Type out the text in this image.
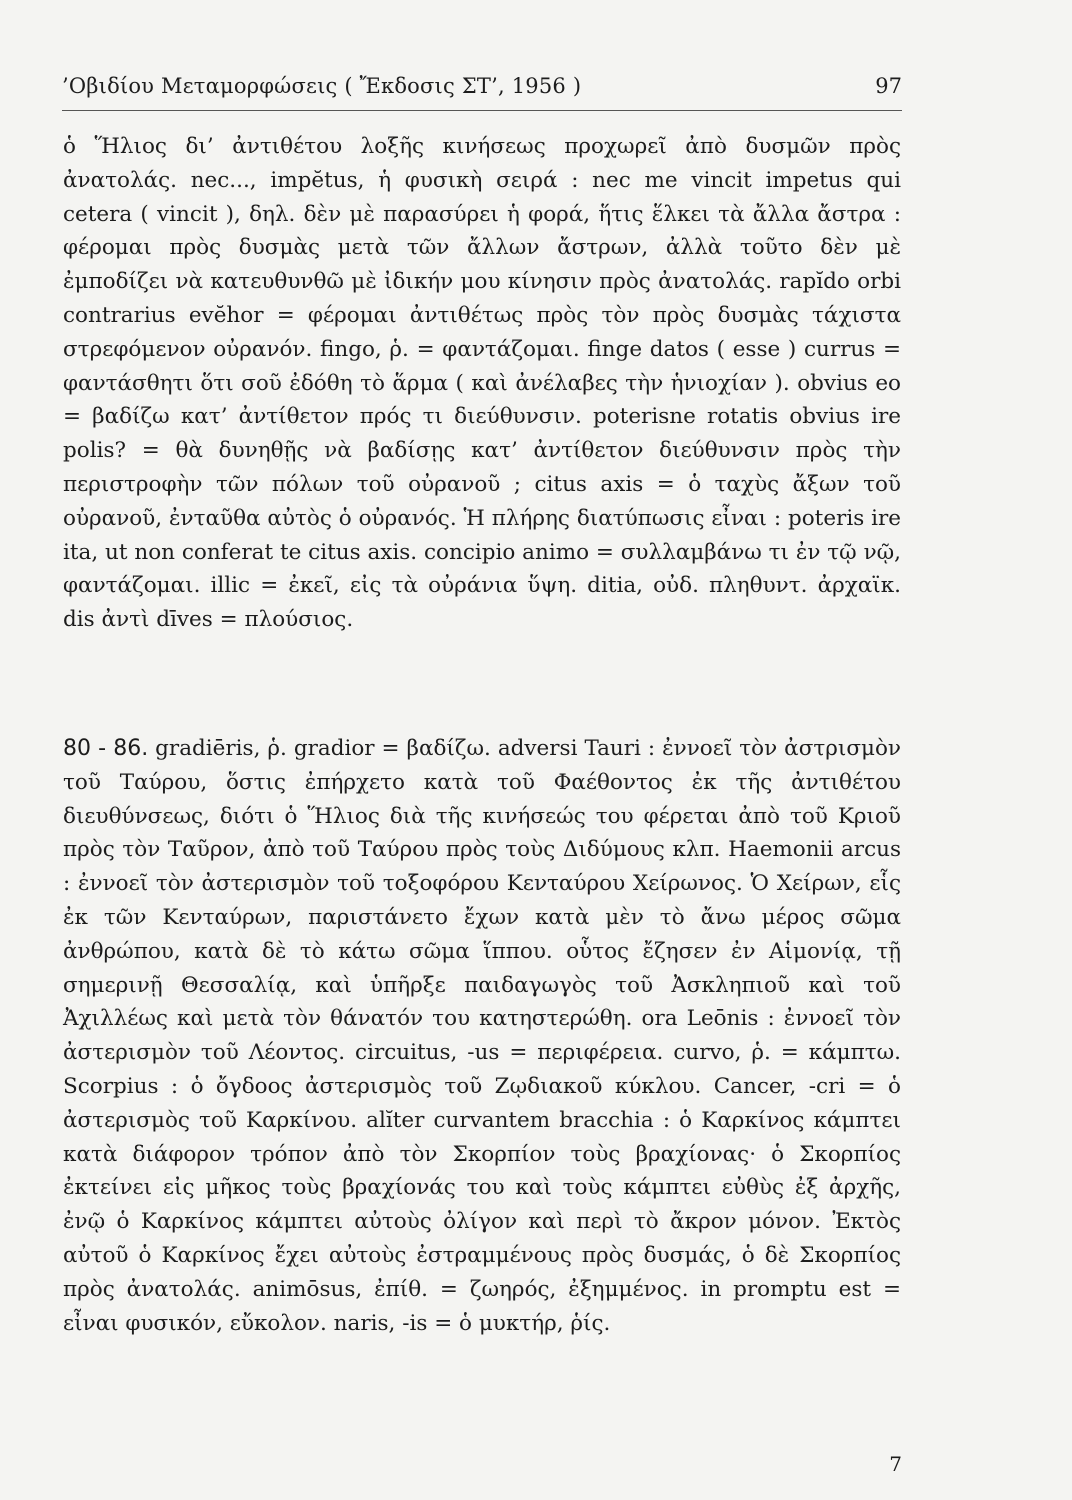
’Οβιδίου Μεταμορφώσεις ( Ἔκδοσις ΣΤ’, 1956 )	97

ὁ Ἥλιος δι’ ἀντιθέτου λοξῆς κινήσεως προχωρεῖ ἀπὸ δυσμῶν πρὸς ἀνατολάς. nec..., impĕtus, ἡ φυσικὴ σειρά : nec me vincit impetus qui cetera ( vincit ), δηλ. δὲν μὲ παρασύρει ἡ φορά, ἥτις ἕλκει τὰ ἄλλα ἄστρα : φέρομαι πρὸς δυσμὰς μετὰ τῶν ἄλλων ἄστρων, ἀλλὰ τοῦτο δὲν μὲ ἐμποδίζει νὰ κατευθυνθῶ μὲ ἰδικήν μου κίνησιν πρὸς ἀνατολάς. rapĭdo orbi contrarius evĕhor = φέρομαι ἀντιθέτως πρὸς τὸν πρὸς δυσμὰς τάχιστα στρεφόμενον οὐρανόν. fingo, ῥ. = φαντάζομαι. finge datos ( esse ) currus = φαντάσθητι ὅτι σοῦ ἐδόθη τὸ ἅρμα ( καὶ ἀνέλαβες τὴν ἡνιοχίαν ). obvius eo = βαδίζω κατ’ ἀντίθετον πρός τι διεύθυνσιν. poterisne rotatis obvius ire polis? = θὰ δυνηθῇς νὰ βαδίσῃς κατ’ ἀντίθετον διεύθυνσιν πρὸς τὴν περιστροφὴν τῶν πόλων τοῦ οὐρανοῦ ; citus axis = ὁ ταχὺς ἄξων τοῦ οὐρανοῦ, ἐνταῦθα αὐτὸς ὁ οὐρανός. Ἡ πλήρης διατύπωσις εἶναι : poteris ire ita, ut non conferat te citus axis. concipio animo = συλλαμβάνω τι ἐν τῷ νῷ, φαντάζομαι. illic = ἐκεῖ, εἰς τὰ οὐράνια ὕψη. ditia, οὐδ. πληθυντ. ἀρχαϊκ. dis ἀντὶ dīves = πλούσιος.

80 - 86. gradiēris, ῥ. gradior = βαδίζω. adversi Tauri : ἐννοεῖ τὸν ἀστρισμὸν τοῦ Ταύρου, ὅστις ἐπήρχετο κατὰ τοῦ Φαέθοντος ἐκ τῆς ἀντιθέτου διευθύνσεως, διότι ὁ Ἥλιος διὰ τῆς κινήσεώς του φέρεται ἀπὸ τοῦ Κριοῦ πρὸς τὸν Ταῦρον, ἀπὸ τοῦ Ταύρου πρὸς τοὺς Διδύμους κλπ. Haemonii arcus : ἐννοεῖ τὸν ἀστερισμὸν τοῦ τοξοφόρου Κενταύρου Χείρωνος. Ὁ Χείρων, εἷς ἐκ τῶν Κενταύρων, παριστάνετο ἔχων κατὰ μὲν τὸ ἄνω μέρος σῶμα ἀνθρώπου, κατὰ δὲ τὸ κάτω σῶμα ἵππου. οὗτος ἔζησεν ἐν Αἱμονίᾳ, τῇ σημερινῇ Θεσσαλίᾳ, καὶ ὑπῆρξε παιδαγωγὸς τοῦ Ἀσκληπιοῦ καὶ τοῦ Ἀχιλλέως καὶ μετὰ τὸν θάνατόν του κατηστερώθη. ora Leōnis : ἐννοεῖ τὸν ἀστερισμὸν τοῦ Λέοντος. circuitus, -us = περιφέρεια. curvo, ῥ. = κάμπτω. Scorpius : ὁ ὄγδοος ἀστερισμὸς τοῦ Ζῳδιακοῦ κύκλου. Cancer, -cri = ὁ ἀστερισμὸς τοῦ Καρκίνου. alĭter curvantem bracchia : ὁ Καρκίνος κάμπτει κατὰ διάφορον τρόπον ἀπὸ τὸν Σκορπίον τοὺς βραχίονας· ὁ Σκορπίος ἐκτείνει εἰς μῆκος τοὺς βραχίονάς του καὶ τοὺς κάμπτει εὐθὺς ἐξ ἀρχῆς, ἐνῷ ὁ Καρκίνος κάμπτει αὐτοὺς ὀλίγον καὶ περὶ τὸ ἄκρον μόνον. Ἐκτὸς αὐτοῦ ὁ Καρκίνος ἔχει αὐτοὺς ἐστραμμένους πρὸς δυσμάς, ὁ δὲ Σκορπίος πρὸς ἀνατολάς. animōsus, ἐπίθ. = ζωηρός, ἐξημμένος. in promptu est = εἶναι φυσικόν, εὔκολον. naris, -is = ὁ μυκτήρ, ῥίς.

7
